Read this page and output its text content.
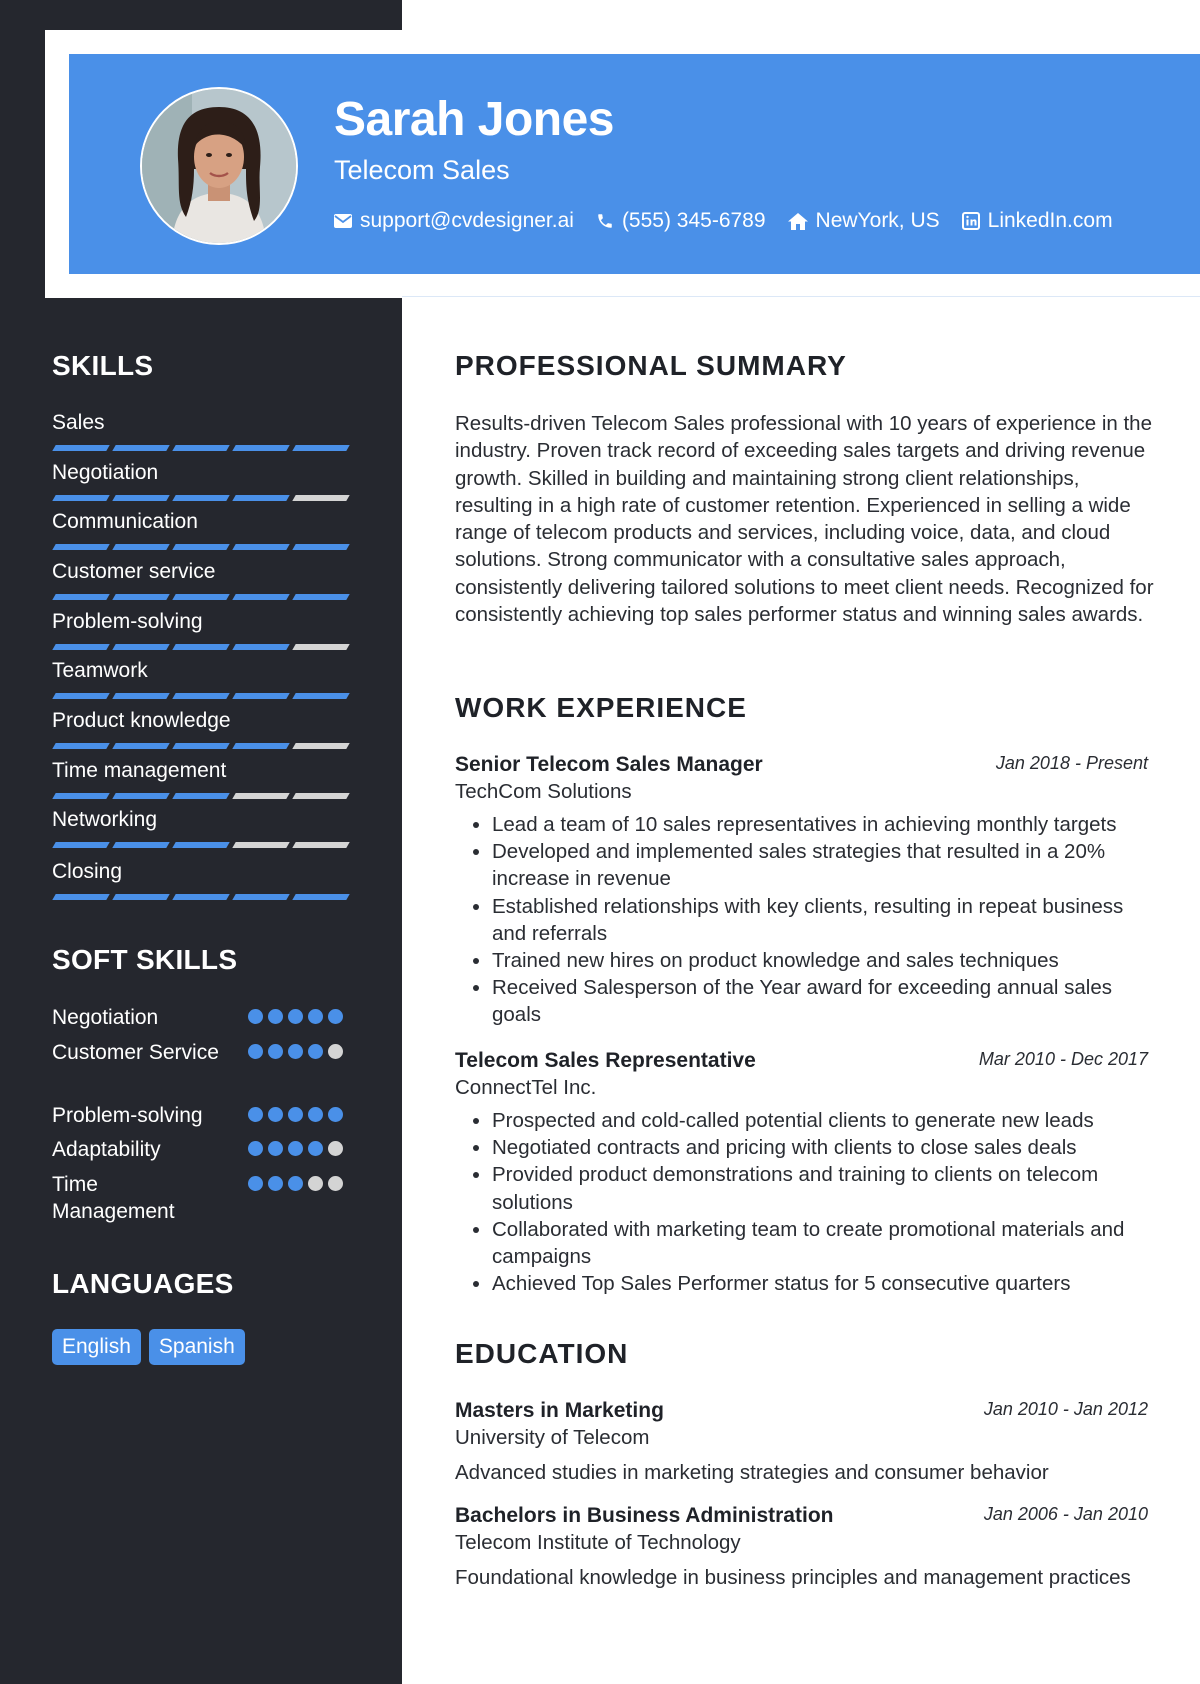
Sarah Jones
Telecom Sales
support@cvdesigner.ai (555) 345-6789 NewYork, US LinkedIn.com
SKILLS
Sales
Negotiation
Communication
Customer service
Problem-solving
Teamwork
Product knowledge
Time management
Networking
Closing
SOFT SKILLS
Negotiation
Customer Service
Problem-solving
Adaptability
Time Management
LANGUAGES
English	Spanish
PROFESSIONAL SUMMARY

Results-driven Telecom Sales professional with 10 years of experience in the industry. Proven track record of exceeding sales targets and driving revenue growth. Skilled in building and maintaining strong client relationships, resulting in a high rate of customer retention. Experienced in selling a wide range of telecom products and services, including voice, data, and cloud solutions. Strong communicator with a consultative sales approach, consistently delivering tailored solutions to meet client needs. Recognized for consistently achieving top sales performer status and winning sales awards.

WORK EXPERIENCE
Senior Telecom Sales Manager	Jan 2018 - Present
TechCom Solutions
• Lead a team of 10 sales representatives in achieving monthly targets
• Developed and implemented sales strategies that resulted in a 20% increase in revenue
• Established relationships with key clients, resulting in repeat business and referrals
• Trained new hires on product knowledge and sales techniques
• Received Salesperson of the Year award for exceeding annual sales goals
Telecom Sales Representative	Mar 2010 - Dec 2017
ConnectTel Inc.
• Prospected and cold-called potential clients to generate new leads
• Negotiated contracts and pricing with clients to close sales deals
• Provided product demonstrations and training to clients on telecom solutions
• Collaborated with marketing team to create promotional materials and campaigns
• Achieved Top Sales Performer status for 5 consecutive quarters
EDUCATION
Masters in Marketing	Jan 2010 - Jan 2012
University of Telecom
Advanced studies in marketing strategies and consumer behavior
Bachelors in Business Administration	Jan 2006 - Jan 2010
Telecom Institute of Technology
Foundational knowledge in business principles and management practices
